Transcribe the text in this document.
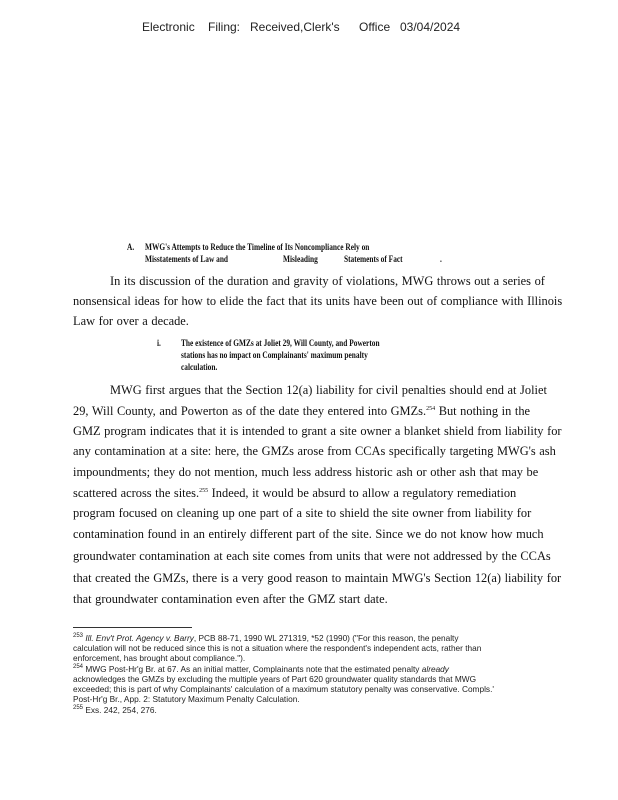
Electronic Filing: Received,Clerk's Office 03/04/2024
A. MWG's Attempts to Reduce the Timeline of Its Noncompliance Rely on
Misstatements of Law and	Misleading	Statements of Fact	.
In its discussion of the duration and gravity of violations, MWG throws out a series of
nonsensical ideas for how to elide the fact that its units have been out of compliance with Illinois
Law for over a decade.
i. The existence of GMZs at Joliet 29, Will County, and Powerton
stations has no impact on Complainants' maximum penalty
calculation.
MWG first argues that the Section 12(a) liability for civil penalties should end at Joliet
29, Will County, and Powerton as of the date they entered into GMZs.$^{254}$ But nothing in the
GMZ program indicates that it is intended to grant a site owner a blanket shield from liability for
any contamination at a site: here, the GMZs arose from CCAs specifically targeting MWG's ash
impoundments; they do not mention, much less address historic ash or other ash that may be
scattered across the sites.$^{255}$ Indeed, it would be absurd to allow a regulatory remediation
program focused on cleaning up one part of a site to shield the site owner from liability for
contamination found in an entirely different part of the site. Since we do not know how much
groundwater contamination at each site comes from units that were not addressed by the CCAs
that created the GMZs, there is a very good reason to maintain MWG's Section 12(a) liability for
that groundwater contamination even after the GMZ start date.
$^{253}$ Ill. Env't Prot. Agency v. Barry, PCB 88-71, 1990 WL 271319, *52 (1990) ("For this reason, the penalty
calculation will not be reduced since this is not a situation where the respondent's independent acts, rather than
enforcement, has brought about compliance.").
$^{254}$ MWG Post-Hr'g Br. at 67. As an initial matter, Complainants note that the estimated penalty already
acknowledges the GMZs by excluding the multiple years of Part 620 groundwater quality standards that MWG
exceeded; this is part of why Complainants' calculation of a maximum statutory penalty was conservative. Compls.'
Post-Hr'g Br., App. 2: Statutory Maximum Penalty Calculation.
$^{255}$ Exs. 242, 254, 276.
